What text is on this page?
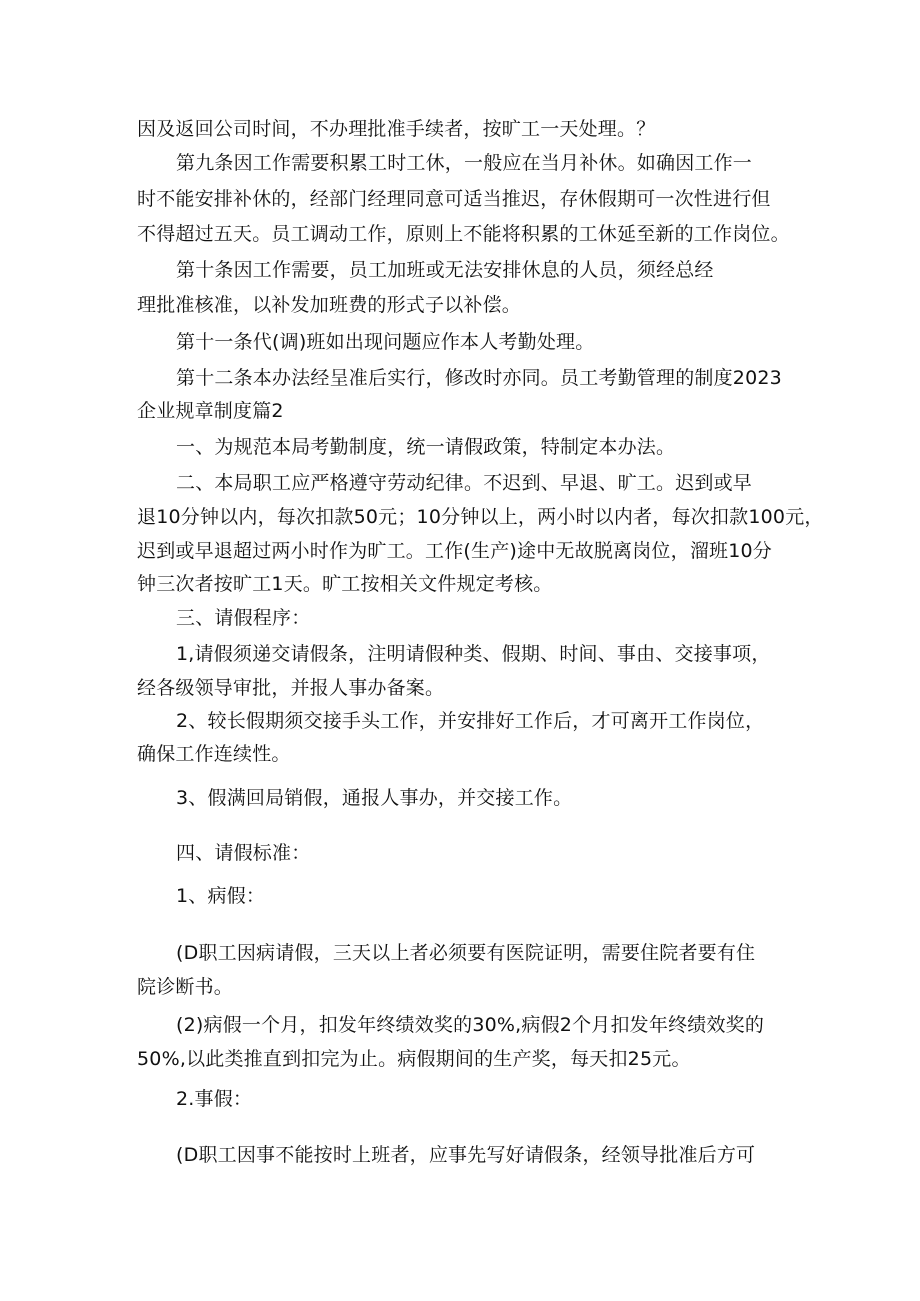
因及返回公司时间，不办理批准手续者，按旷工一天处理。？
第九条因工作需要积累工时工休，一般应在当月补休。如确因工作一
时不能安排补休的，经部门经理同意可适当推迟，存休假期可一次性进行但
不得超过五天。员工调动工作，原则上不能将积累的工休延至新的工作岗位。
第十条因工作需要，员工加班或无法安排休息的人员，须经总经
理批准核准，以补发加班费的形式子以补偿。
第十一条代(调)班如出现问题应作本人考勤处理。
第十二条本办法经呈准后实行，修改时亦同。员工考勤管理的制度2023
企业规章制度篇2
一、为规范本局考勤制度，统一请假政策，特制定本办法。
二、本局职工应严格遵守劳动纪律。不迟到、早退、旷工。迟到或早
退10分钟以内，每次扣款50元；10分钟以上，两小时以内者，每次扣款100元，
迟到或早退超过两小时作为旷工。工作(生产)途中无故脱离岗位，溜班10分
钟三次者按旷工1天。旷工按相关文件规定考核。
三、请假程序：
1,请假须递交请假条，注明请假种类、假期、时间、事由、交接事项，
经各级领导审批，并报人事办备案。
2、较长假期须交接手头工作，并安排好工作后，才可离开工作岗位，
确保工作连续性。
3、假满回局销假，通报人事办，并交接工作。
四、请假标准：
1、病假：
(D职工因病请假，三天以上者必须要有医院证明，需要住院者要有住
院诊断书。
(2)病假一个月，扣发年终绩效奖的30%,病假2个月扣发年终绩效奖的
50%,以此类推直到扣完为止。病假期间的生产奖，每天扣25元。
2.事假：
(D职工因事不能按时上班者，应事先写好请假条，经领导批准后方可
